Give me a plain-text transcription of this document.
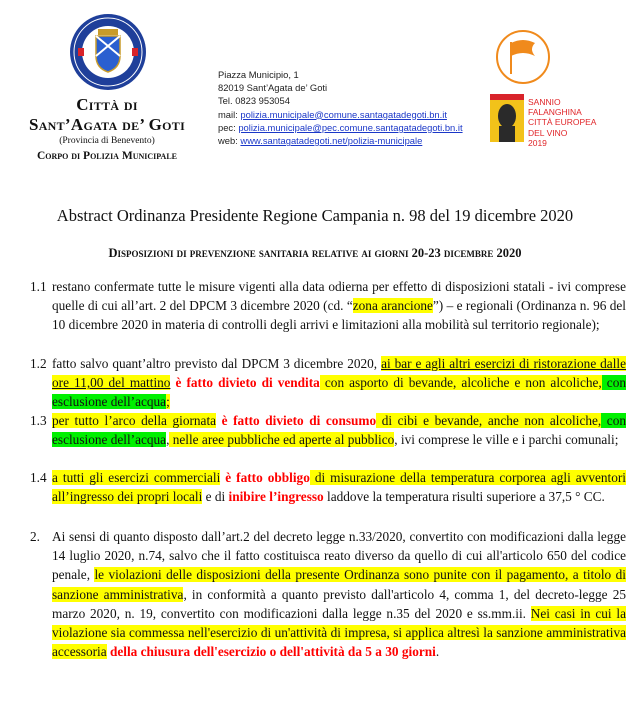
Città di
Sant’Agata de’ Goti
(Provincia di Benevento)
Corpo di Polizia Municipale
Piazza Municipio, 1
82019 Sant’Agata de’ Goti
Tel. 0823 953054
mail: polizia.municipale@comune.santagatadegoti.bn.it
pec: polizia.municipale@pec.comune.santagatadegoti.bn.it
web: www.santagatadegoti.net/polizia-municipale
SANNIO
FALANGHINA
CITTÀ EUROPEA
DEL VINO
2019
Abstract Ordinanza Presidente Regione Campania n. 98 del 19 dicembre 2020
Disposizioni di prevenzione sanitaria relative ai giorni 20-23 dicembre 2020
1.1 restano confermate tutte le misure vigenti alla data odierna per effetto di disposizioni statali - ivi comprese quelle di cui all’art. 2 del DPCM 3 dicembre 2020 (cd. “zona arancione”) – e regionali (Ordinanza n. 96 del 10 dicembre 2020 in materia di controlli degli arrivi e limitazioni alla mobilità sul territorio regionale);
1.2 fatto salvo quant’altro previsto dal DPCM 3 dicembre 2020, ai bar e agli altri esercizi di ristorazione dalle ore 11,00 del mattino è fatto divieto di vendita con asporto di bevande, alcoliche e non alcoliche, con esclusione dell’acqua;
1.3 per tutto l’arco della giornata è fatto divieto di consumo di cibi e bevande, anche non alcoliche, con esclusione dell’acqua, nelle aree pubbliche ed aperte al pubblico, ivi comprese le ville e i parchi comunali;
1.4 a tutti gli esercizi commerciali è fatto obbligo di misurazione della temperatura corporea agli avventori all’ingresso dei propri locali e di inibire l’ingresso laddove la temperatura risulti superiore a 37,5 ° CC.
2. Ai sensi di quanto disposto dall’art.2 del decreto legge n.33/2020, convertito con modificazioni dalla legge 14 luglio 2020, n.74, salvo che il fatto costituisca reato diverso da quello di cui all'articolo 650 del codice penale, le violazioni delle disposizioni della presente Ordinanza sono punite con il pagamento, a titolo di sanzione amministrativa, in conformità a quanto previsto dall'articolo 4, comma 1, del decreto-legge 25 marzo 2020, n. 19, convertito con modificazioni dalla legge n.35 del 2020 e ss.mm.ii. Nei casi in cui la violazione sia commessa nell'esercizio di un'attività di impresa, si applica altresì la sanzione amministrativa accessoria della chiusura dell'esercizio o dell'attività da 5 a 30 giorni.
